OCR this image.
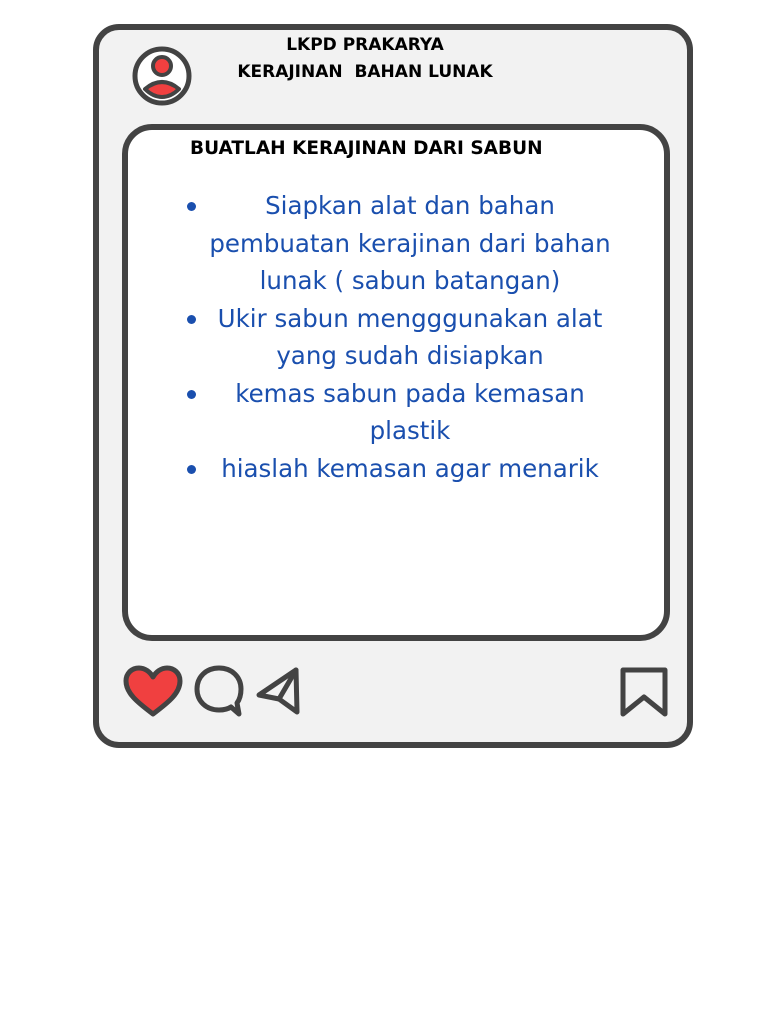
LKPD PRAKARYA
KERAJINAN  BAHAN LUNAK
BUATLAH KERAJINAN DARI SABUN
Siapkan alat dan bahan pembuatan kerajinan dari bahan lunak ( sabun batangan)
Ukir sabun mengggunakan alat yang sudah disiapkan
kemas sabun pada kemasan plastik
hiaslah kemasan agar menarik
